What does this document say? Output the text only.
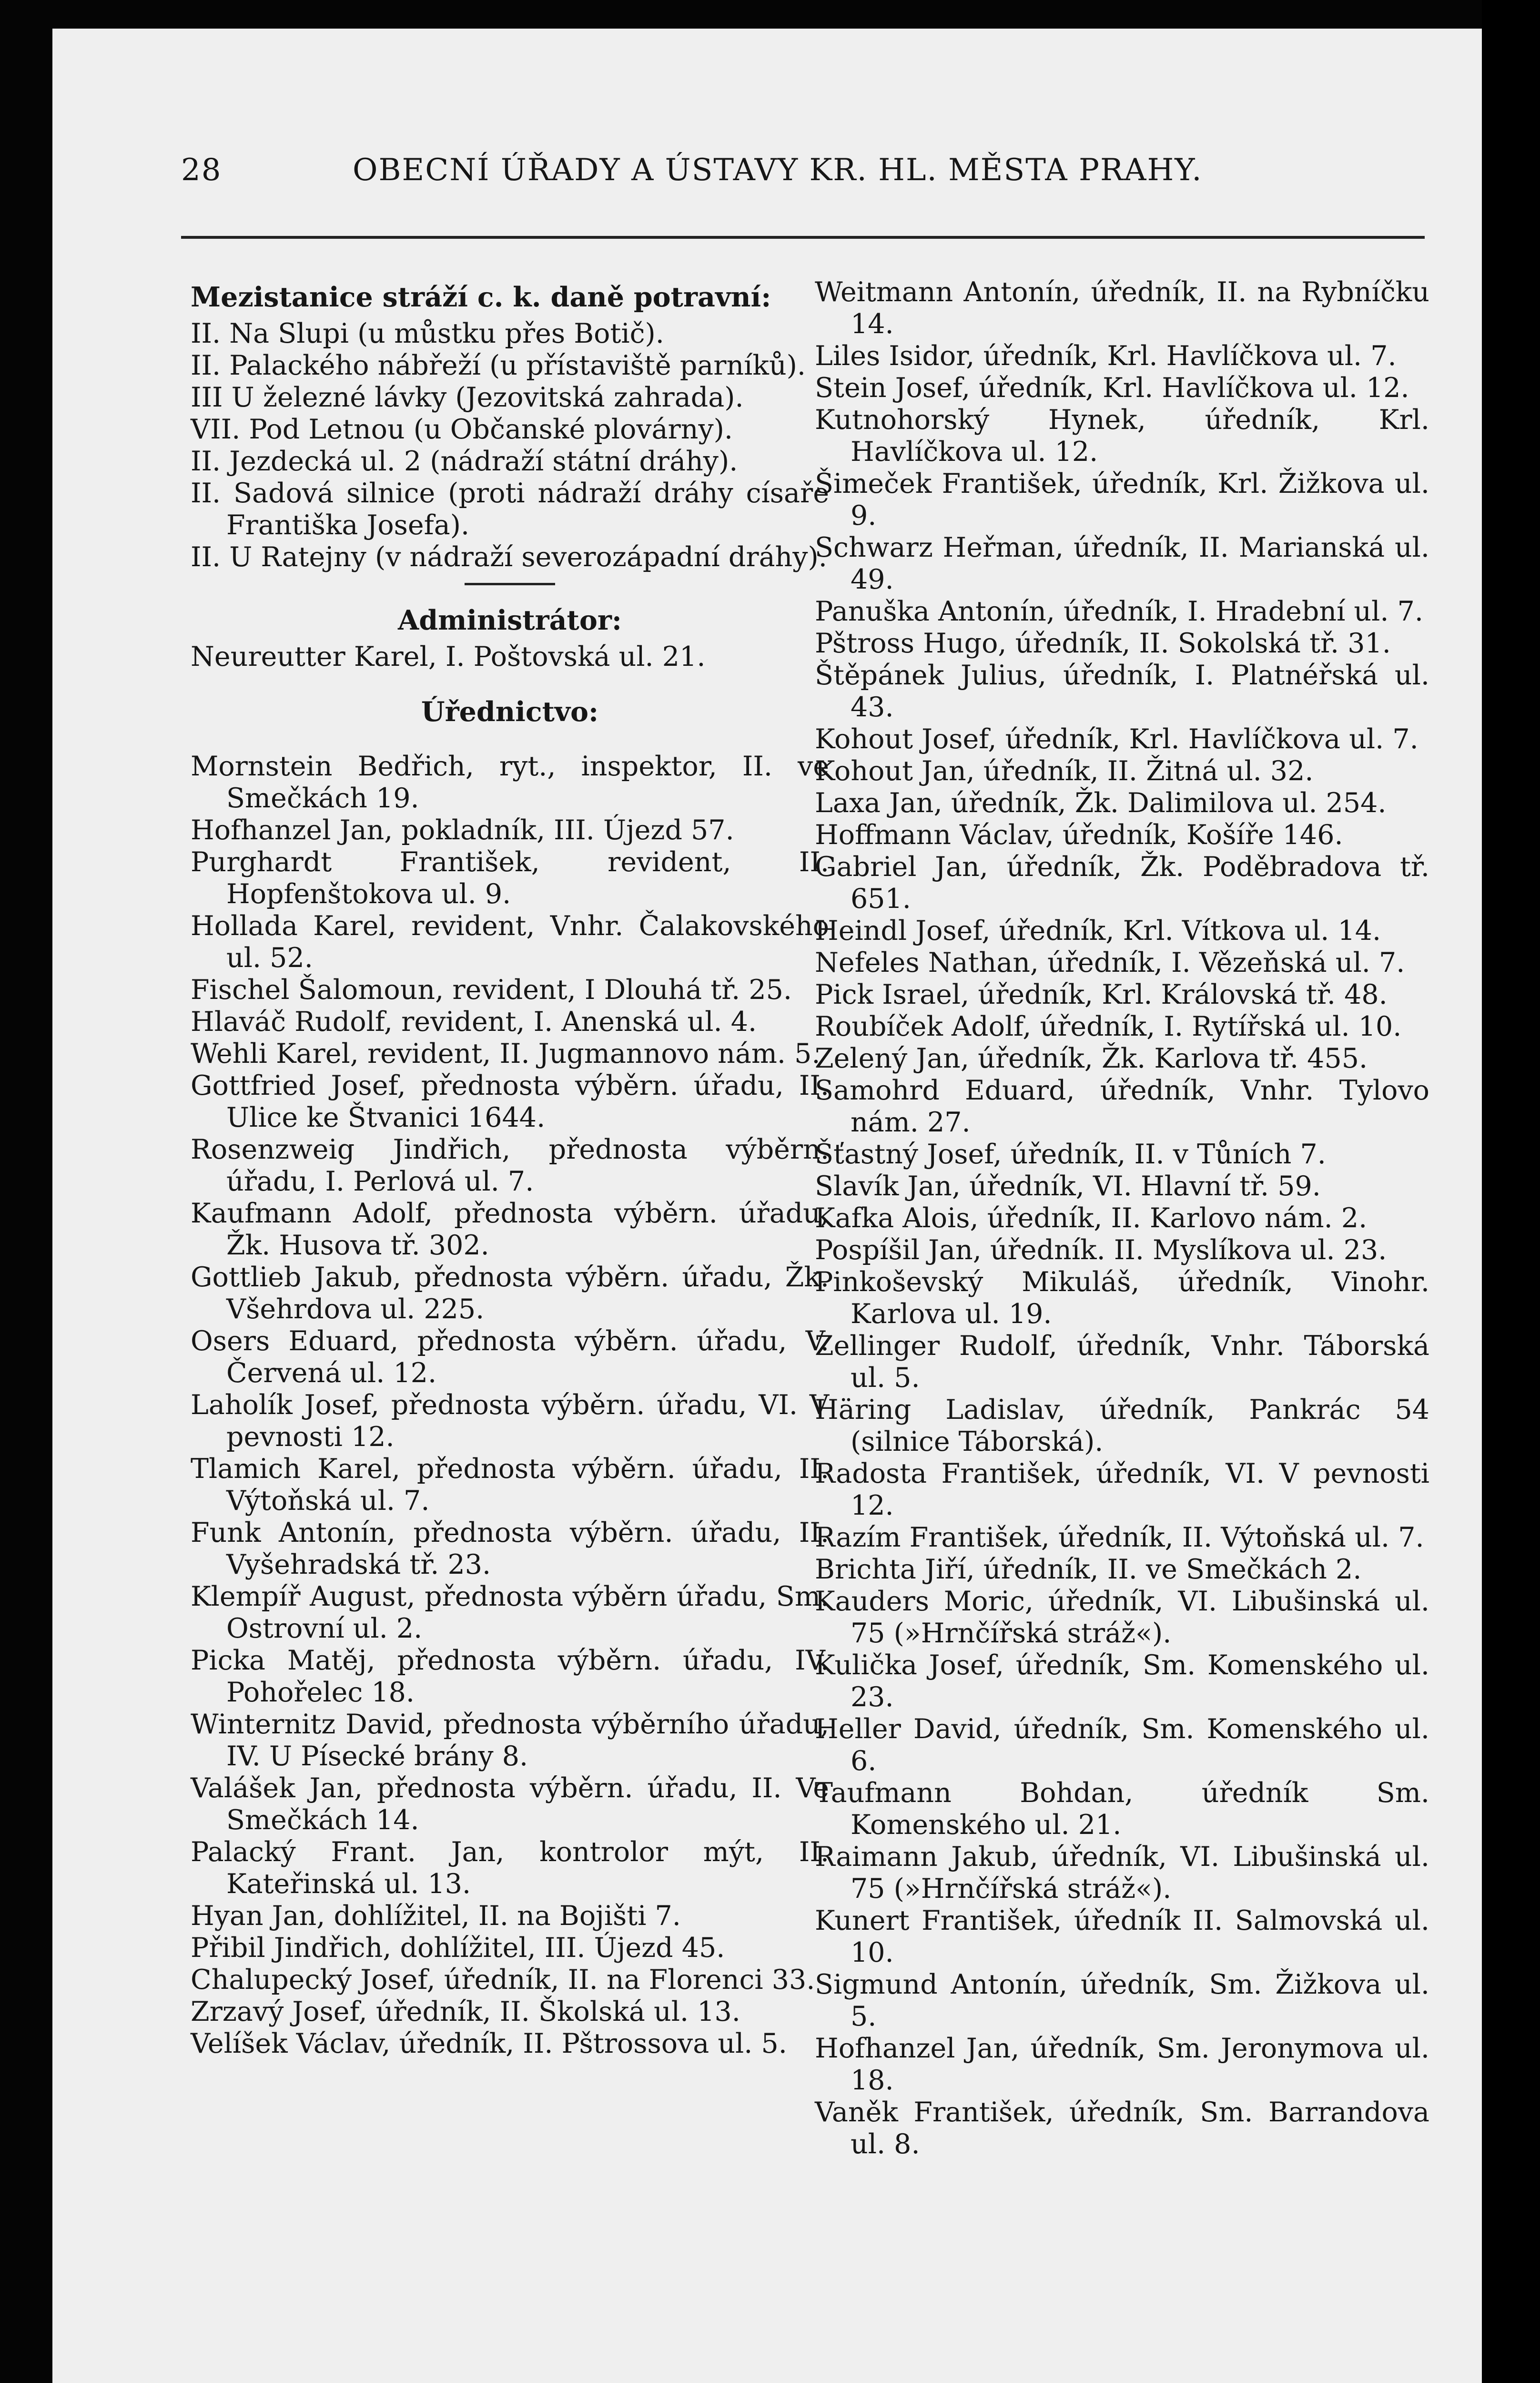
28	OBECNÍ ÚŘADY A ÚSTAVY KR. HL. MĚSTA PRAHY.

Mezistanice stráží c. k. daně potravní:

II. Na Slupi (u můstku přes Botič).

II. Palackého nábřeží (u přístaviště parníků).

III U železné lávky (Jezovitská zahrada).

VII. Pod Letnou (u Občanské plovárny).

II. Jezdecká ul. 2 (nádraží státní dráhy).

II. Sadová silnice (proti nádraží dráhy císaře Františka Josefa).

II. U Ratejny (v nádraží severozápadní dráhy).

Administrátor:

Neureutter Karel, I. Poštovská ul. 21.

Úřednictvo:

Mornstein Bedřich, ryt., inspektor, II. ve Smečkách 19.

Hofhanzel Jan, pokladník, III. Újezd 57.

Purghardt František, revident, II. Hopfenštokova ul. 9.

Hollada Karel, revident, Vnhr. Čalakovského ul. 52.

Fischel Šalomoun, revident, I Dlouhá tř. 25.

Hlaváč Rudolf, revident, I. Anenská ul. 4.

Wehli Karel, revident, II. Jugmannovo nám. 5.

Gottfried Josef, přednosta výběrn. úřadu, II. Ulice ke Štvanici 1644.

Rosenzweig Jindřich, přednosta výběrn. úřadu, I. Perlová ul. 7.

Kaufmann Adolf, přednosta výběrn. úřadu, Žk. Husova tř. 302.

Gottlieb Jakub, přednosta výběrn. úřadu, Žk. Všehrdova ul. 225.

Osers Eduard, přednosta výběrn. úřadu, V. Červená ul. 12.

Laholík Josef, přednosta výběrn. úřadu, VI. V pevnosti 12.

Tlamich Karel, přednosta výběrn. úřadu, II. Výtoňská ul. 7.

Funk Antonín, přednosta výběrn. úřadu, II. Vyšehradská tř. 23.

Klempíř August, přednosta výběrn úřadu, Sm. Ostrovní ul. 2.

Picka Matěj, přednosta výběrn. úřadu, IV. Pohořelec 18.

Winternitz David, přednosta výběrního úřadu, IV. U Písecké brány 8.

Valášek Jan, přednosta výběrn. úřadu, II. Ve Smečkách 14.

Palacký Frant. Jan, kontrolor mýt, II. Kateřinská ul. 13.

Hyan Jan, dohlížitel, II. na Bojišti 7.

Přibil Jindřich, dohlížitel, III. Újezd 45.

Chalupecký Josef, úředník, II. na Florenci 33.

Zrzavý Josef, úředník, II. Školská ul. 13.

Velíšek Václav, úředník, II. Pštrossova ul. 5.

Weitmann Antonín, úředník, II. na Rybníčku 14.

Liles Isidor, úředník, Krl. Havlíčkova ul. 7.

Stein Josef, úředník, Krl. Havlíčkova ul. 12.

Kutnohorský Hynek, úředník, Krl. Havlíčkova ul. 12.

Šimeček František, úředník, Krl. Žižkova ul. 9.

Schwarz Heřman, úředník, II. Marianská ul. 49.

Panuška Antonín, úředník, I. Hradební ul. 7.

Pštross Hugo, úředník, II. Sokolská tř. 31.

Štěpánek Julius, úředník, I. Platnéřská ul. 43.

Kohout Josef, úředník, Krl. Havlíčkova ul. 7.

Kohout Jan, úředník, II. Žitná ul. 32.

Laxa Jan, úředník, Žk. Dalimilova ul. 254.

Hoffmann Václav, úředník, Košíře 146.

Gabriel Jan, úředník, Žk. Poděbradova tř. 651.

Heindl Josef, úředník, Krl. Vítkova ul. 14.

Nefeles Nathan, úředník, I. Vězeňská ul. 7.

Pick Israel, úředník, Krl. Královská tř. 48.

Roubíček Adolf, úředník, I. Rytířská ul. 10.

Zelený Jan, úředník, Žk. Karlova tř. 455.

Samohrd Eduard, úředník, Vnhr. Tylovo nám. 27.

Šťastný Josef, úředník, II. v Tůních 7.

Slavík Jan, úředník, VI. Hlavní tř. 59.

Kafka Alois, úředník, II. Karlovo nám. 2.

Pospíšil Jan, úředník. II. Myslíkova ul. 23.

Pinkoševský Mikuláš, úředník, Vinohr. Karlova ul. 19.

Zellinger Rudolf, úředník, Vnhr. Táborská ul. 5.

Häring Ladislav, úředník, Pankrác 54 (silnice Táborská).

Radosta František, úředník, VI. V pevnosti 12.

Razím František, úředník, II. Výtoňská ul. 7.

Brichta Jiří, úředník, II. ve Smečkách 2.

Kauders Moric, úředník, VI. Libušinská ul. 75 (»Hrnčířská stráž«).

Kulička Josef, úředník, Sm. Komenského ul. 23.

Heller David, úředník, Sm. Komenského ul. 6.

Taufmann Bohdan, úředník Sm. Komenského ul. 21.

Raimann Jakub, úředník, VI. Libušinská ul. 75 (»Hrnčířská stráž«).

Kunert František, úředník II. Salmovská ul. 10.

Sigmund Antonín, úředník, Sm. Žižkova ul. 5.

Hofhanzel Jan, úředník, Sm. Jeronymova ul. 18.

Vaněk František, úředník, Sm. Barrandova ul. 8.
